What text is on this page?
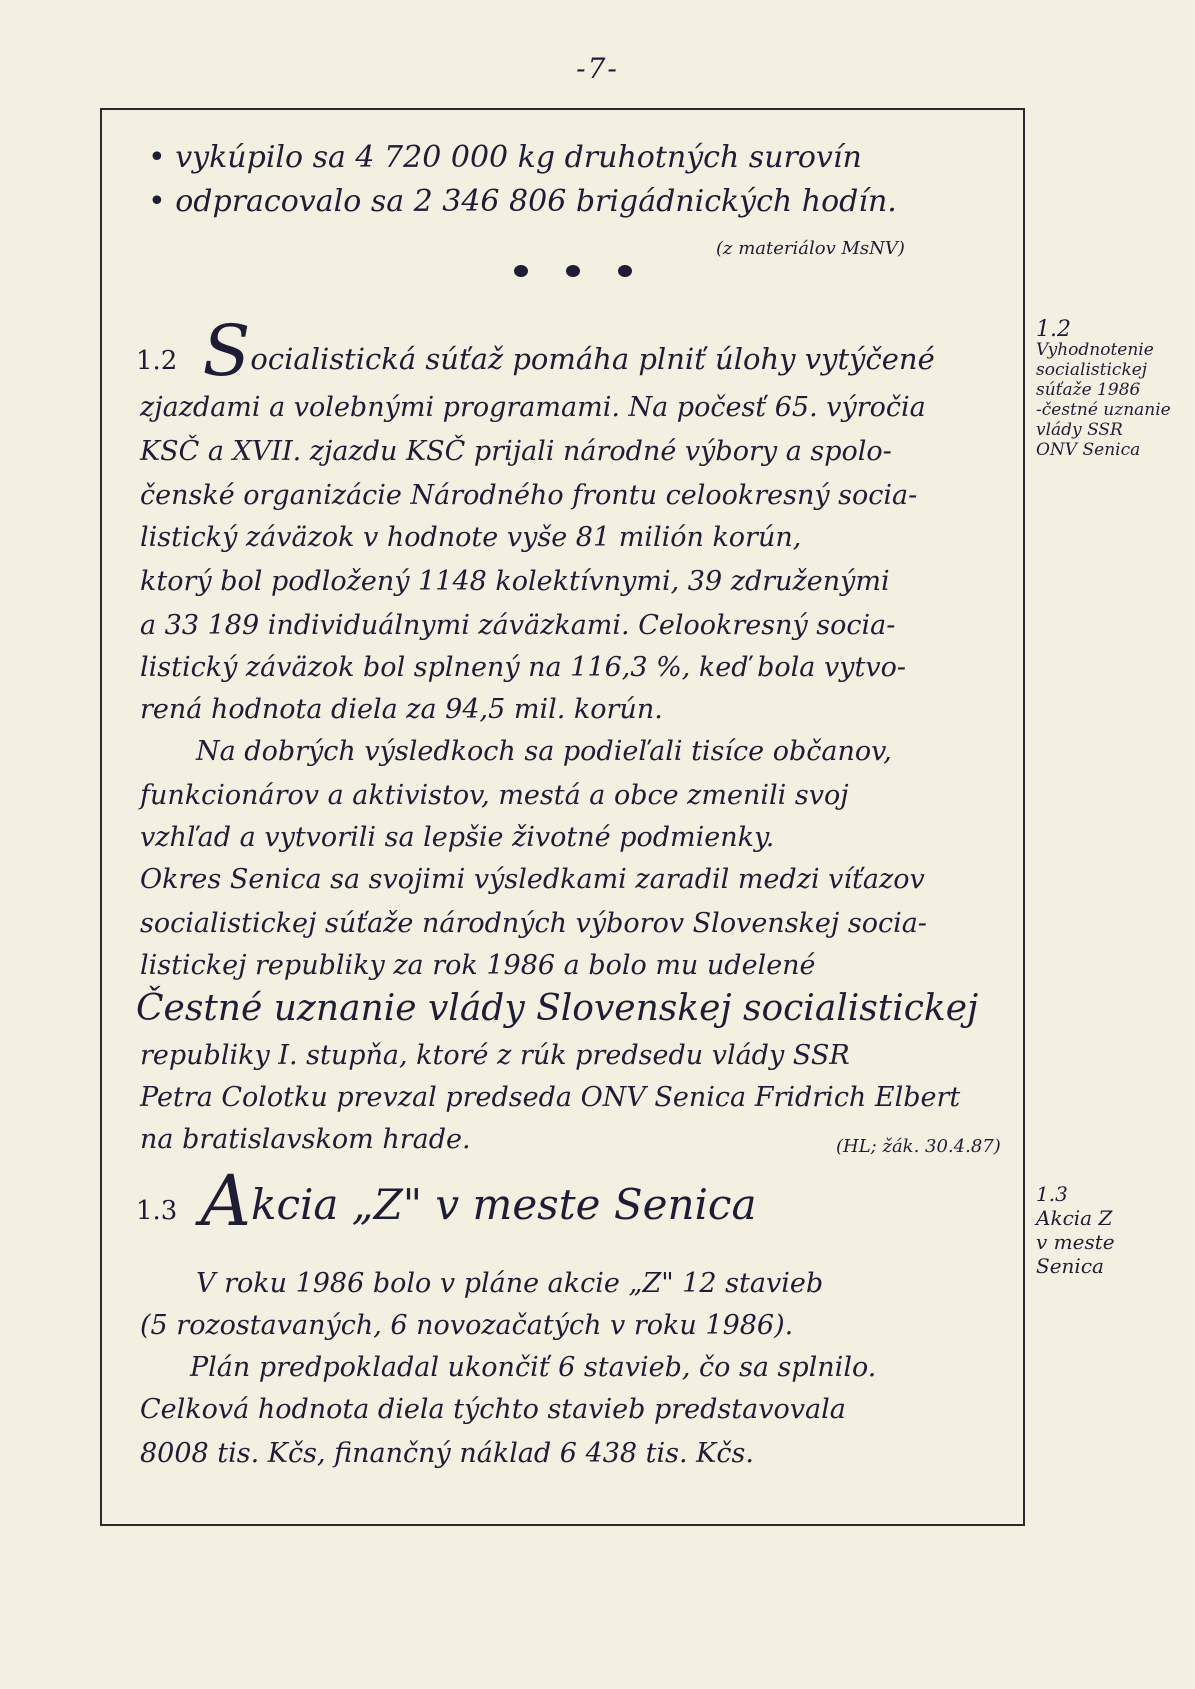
-7-
• vykúpilo sa 4 720 000 kg druhotných surovín
• odpracovalo sa 2 346 806 brigádnických hodín.
(z materiálov MsNV)
1.2 Socialistická súťaž pomáha plniť úlohy vytýčené
zjazdami a volebnými programami. Na počesť 65. výročia
KSČ a XVII. zjazdu KSČ prijali národné výbory a spolo-
čenské organizácie Národného frontu celookresný socia-
listický záväzok v hodnote vyše 81 milión korún,
ktorý bol podložený 1148 kolektívnymi, 39 združenými
a 33 189 individuálnymi záväzkami. Celookresný socia-
listický záväzok bol splnený na 116,3 %, keď bola vytvo-
rená hodnota diela za 94,5 mil. korún.
Na dobrých výsledkoch sa podieľali tisíce občanov,
funkcionárov a aktivistov, mestá a obce zmenili svoj
vzhľad a vytvorili sa lepšie životné podmienky.
Okres Senica sa svojimi výsledkami zaradil medzi víťazov
socialistickej súťaže národných výborov Slovenskej socia-
listickej republiky za rok 1986 a bolo mu udelené
Čestné uznanie vlády Slovenskej socialistickej
republiky I. stupňa, ktoré z rúk predsedu vlády SSR
Petra Colotku prevzal predseda ONV Senica Fridrich Elbert
na bratislavskom hrade.	(HL; žák. 30.4.87)
1.2
Vyhodnotenie
socialistickej
súťaže 1986
-čestné uznanie
vlády SSR
ONV Senica
1.3 Akcia „Z" v meste Senica
V roku 1986 bolo v pláne akcie „Z" 12 stavieb
(5 rozostavaných, 6 novozačatých v roku 1986).
Plán predpokladal ukončiť 6 stavieb, čo sa splnilo.
Celková hodnota diela týchto stavieb predstavovala
8008 tis. Kčs, finančný náklad 6 438 tis. Kčs.
1.3
Akcia Z
v meste
Senica
